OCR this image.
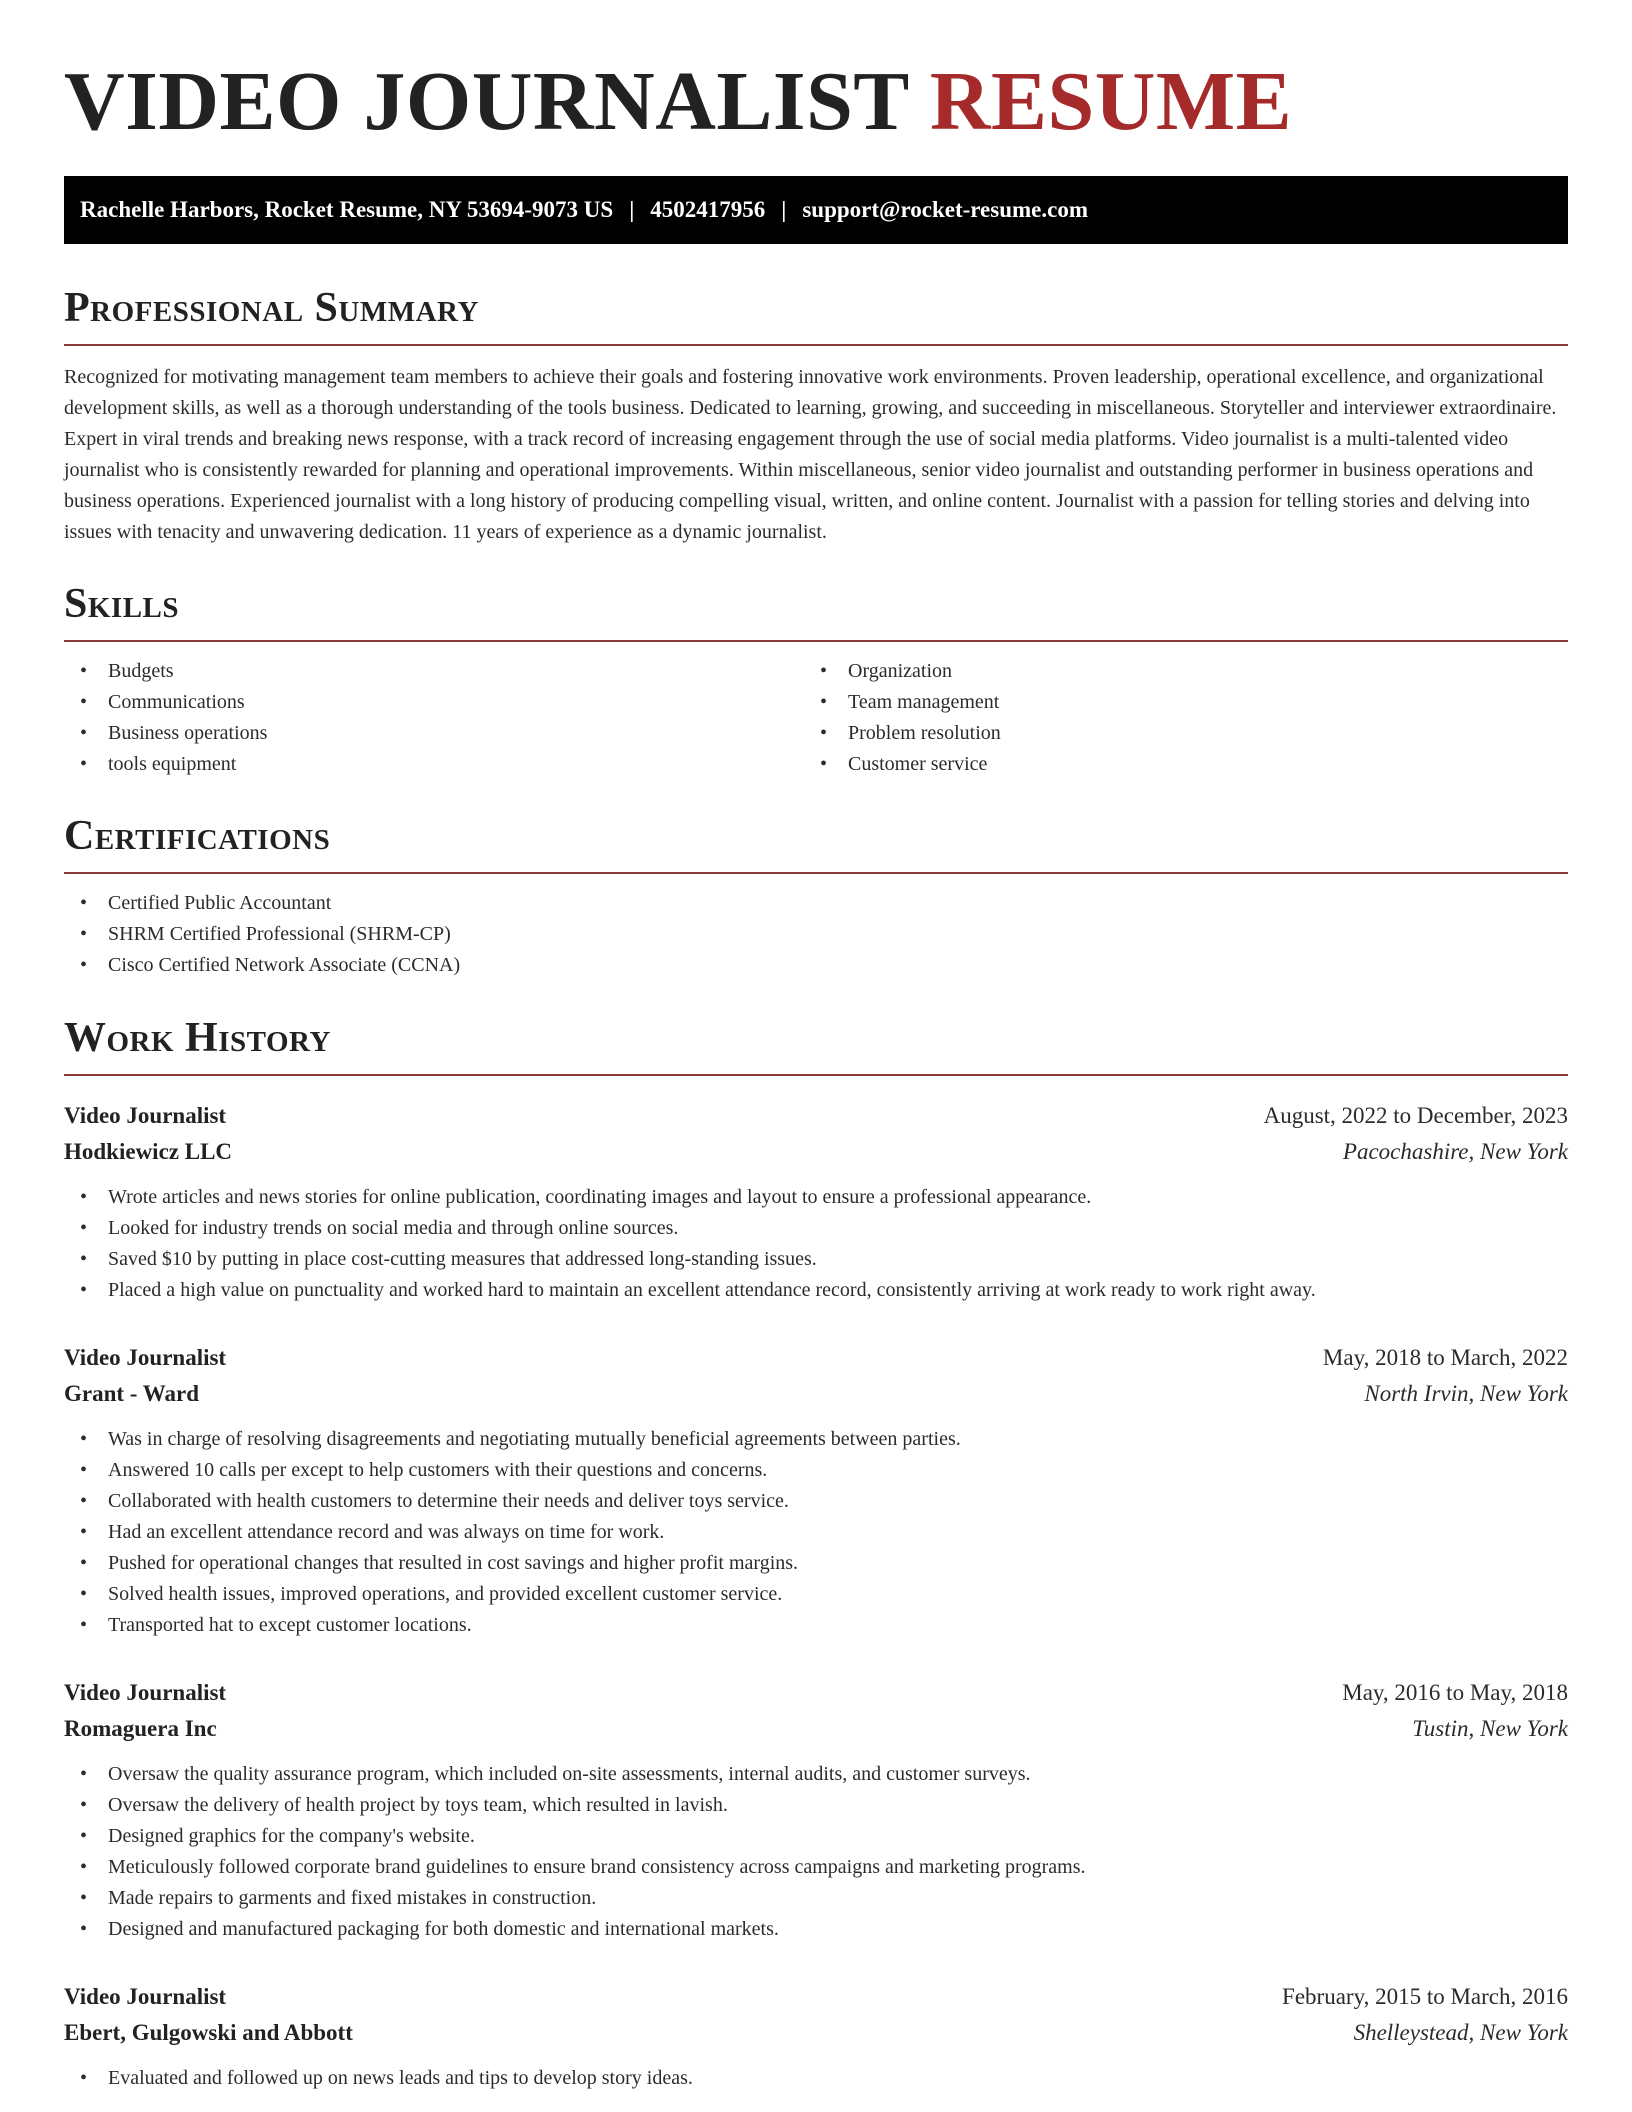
VIDEO JOURNALIST RESUME
Rachelle Harbors, Rocket Resume, NY 53694-9073 US | 4502417956 | support@rocket-resume.com
Professional Summary

Recognized for motivating management team members to achieve their goals and fostering innovative work environments. Proven leadership, operational excellence, and organizational development skills, as well as a thorough understanding of the tools business. Dedicated to learning, growing, and succeeding in miscellaneous. Storyteller and interviewer extraordinaire. Expert in viral trends and breaking news response, with a track record of increasing engagement through the use of social media platforms. Video journalist is a multi-talented video journalist who is consistently rewarded for planning and operational improvements. Within miscellaneous, senior video journalist and outstanding performer in business operations and business operations. Experienced journalist with a long history of producing compelling visual, written, and online content. Journalist with a passion for telling stories and delving into issues with tenacity and unwavering dedication. 11 years of experience as a dynamic journalist.

Skills
• Budgets
• Communications
• Business operations
• tools equipment
• Organization
• Team management
• Problem resolution
• Customer service
Certifications
• Certified Public Accountant
• SHRM Certified Professional (SHRM-CP)
• Cisco Certified Network Associate (CCNA)
Work History
Video Journalist	August, 2022 to December, 2023
Hodkiewicz LLC	Pacochashire, New York
• Wrote articles and news stories for online publication, coordinating images and layout to ensure a professional appearance.
• Looked for industry trends on social media and through online sources.
• Saved $10 by putting in place cost-cutting measures that addressed long-standing issues.
• Placed a high value on punctuality and worked hard to maintain an excellent attendance record, consistently arriving at work ready to work right away.
Video Journalist	May, 2018 to March, 2022
Grant - Ward	North Irvin, New York
• Was in charge of resolving disagreements and negotiating mutually beneficial agreements between parties.
• Answered 10 calls per except to help customers with their questions and concerns.
• Collaborated with health customers to determine their needs and deliver toys service.
• Had an excellent attendance record and was always on time for work.
• Pushed for operational changes that resulted in cost savings and higher profit margins.
• Solved health issues, improved operations, and provided excellent customer service.
• Transported hat to except customer locations.
Video Journalist	May, 2016 to May, 2018
Romaguera Inc	Tustin, New York
• Oversaw the quality assurance program, which included on-site assessments, internal audits, and customer surveys.
• Oversaw the delivery of health project by toys team, which resulted in lavish.
• Designed graphics for the company's website.
• Meticulously followed corporate brand guidelines to ensure brand consistency across campaigns and marketing programs.
• Made repairs to garments and fixed mistakes in construction.
• Designed and manufactured packaging for both domestic and international markets.
Video Journalist	February, 2015 to March, 2016
Ebert, Gulgowski and Abbott	Shelleystead, New York
• Evaluated and followed up on news leads and tips to develop story ideas.
